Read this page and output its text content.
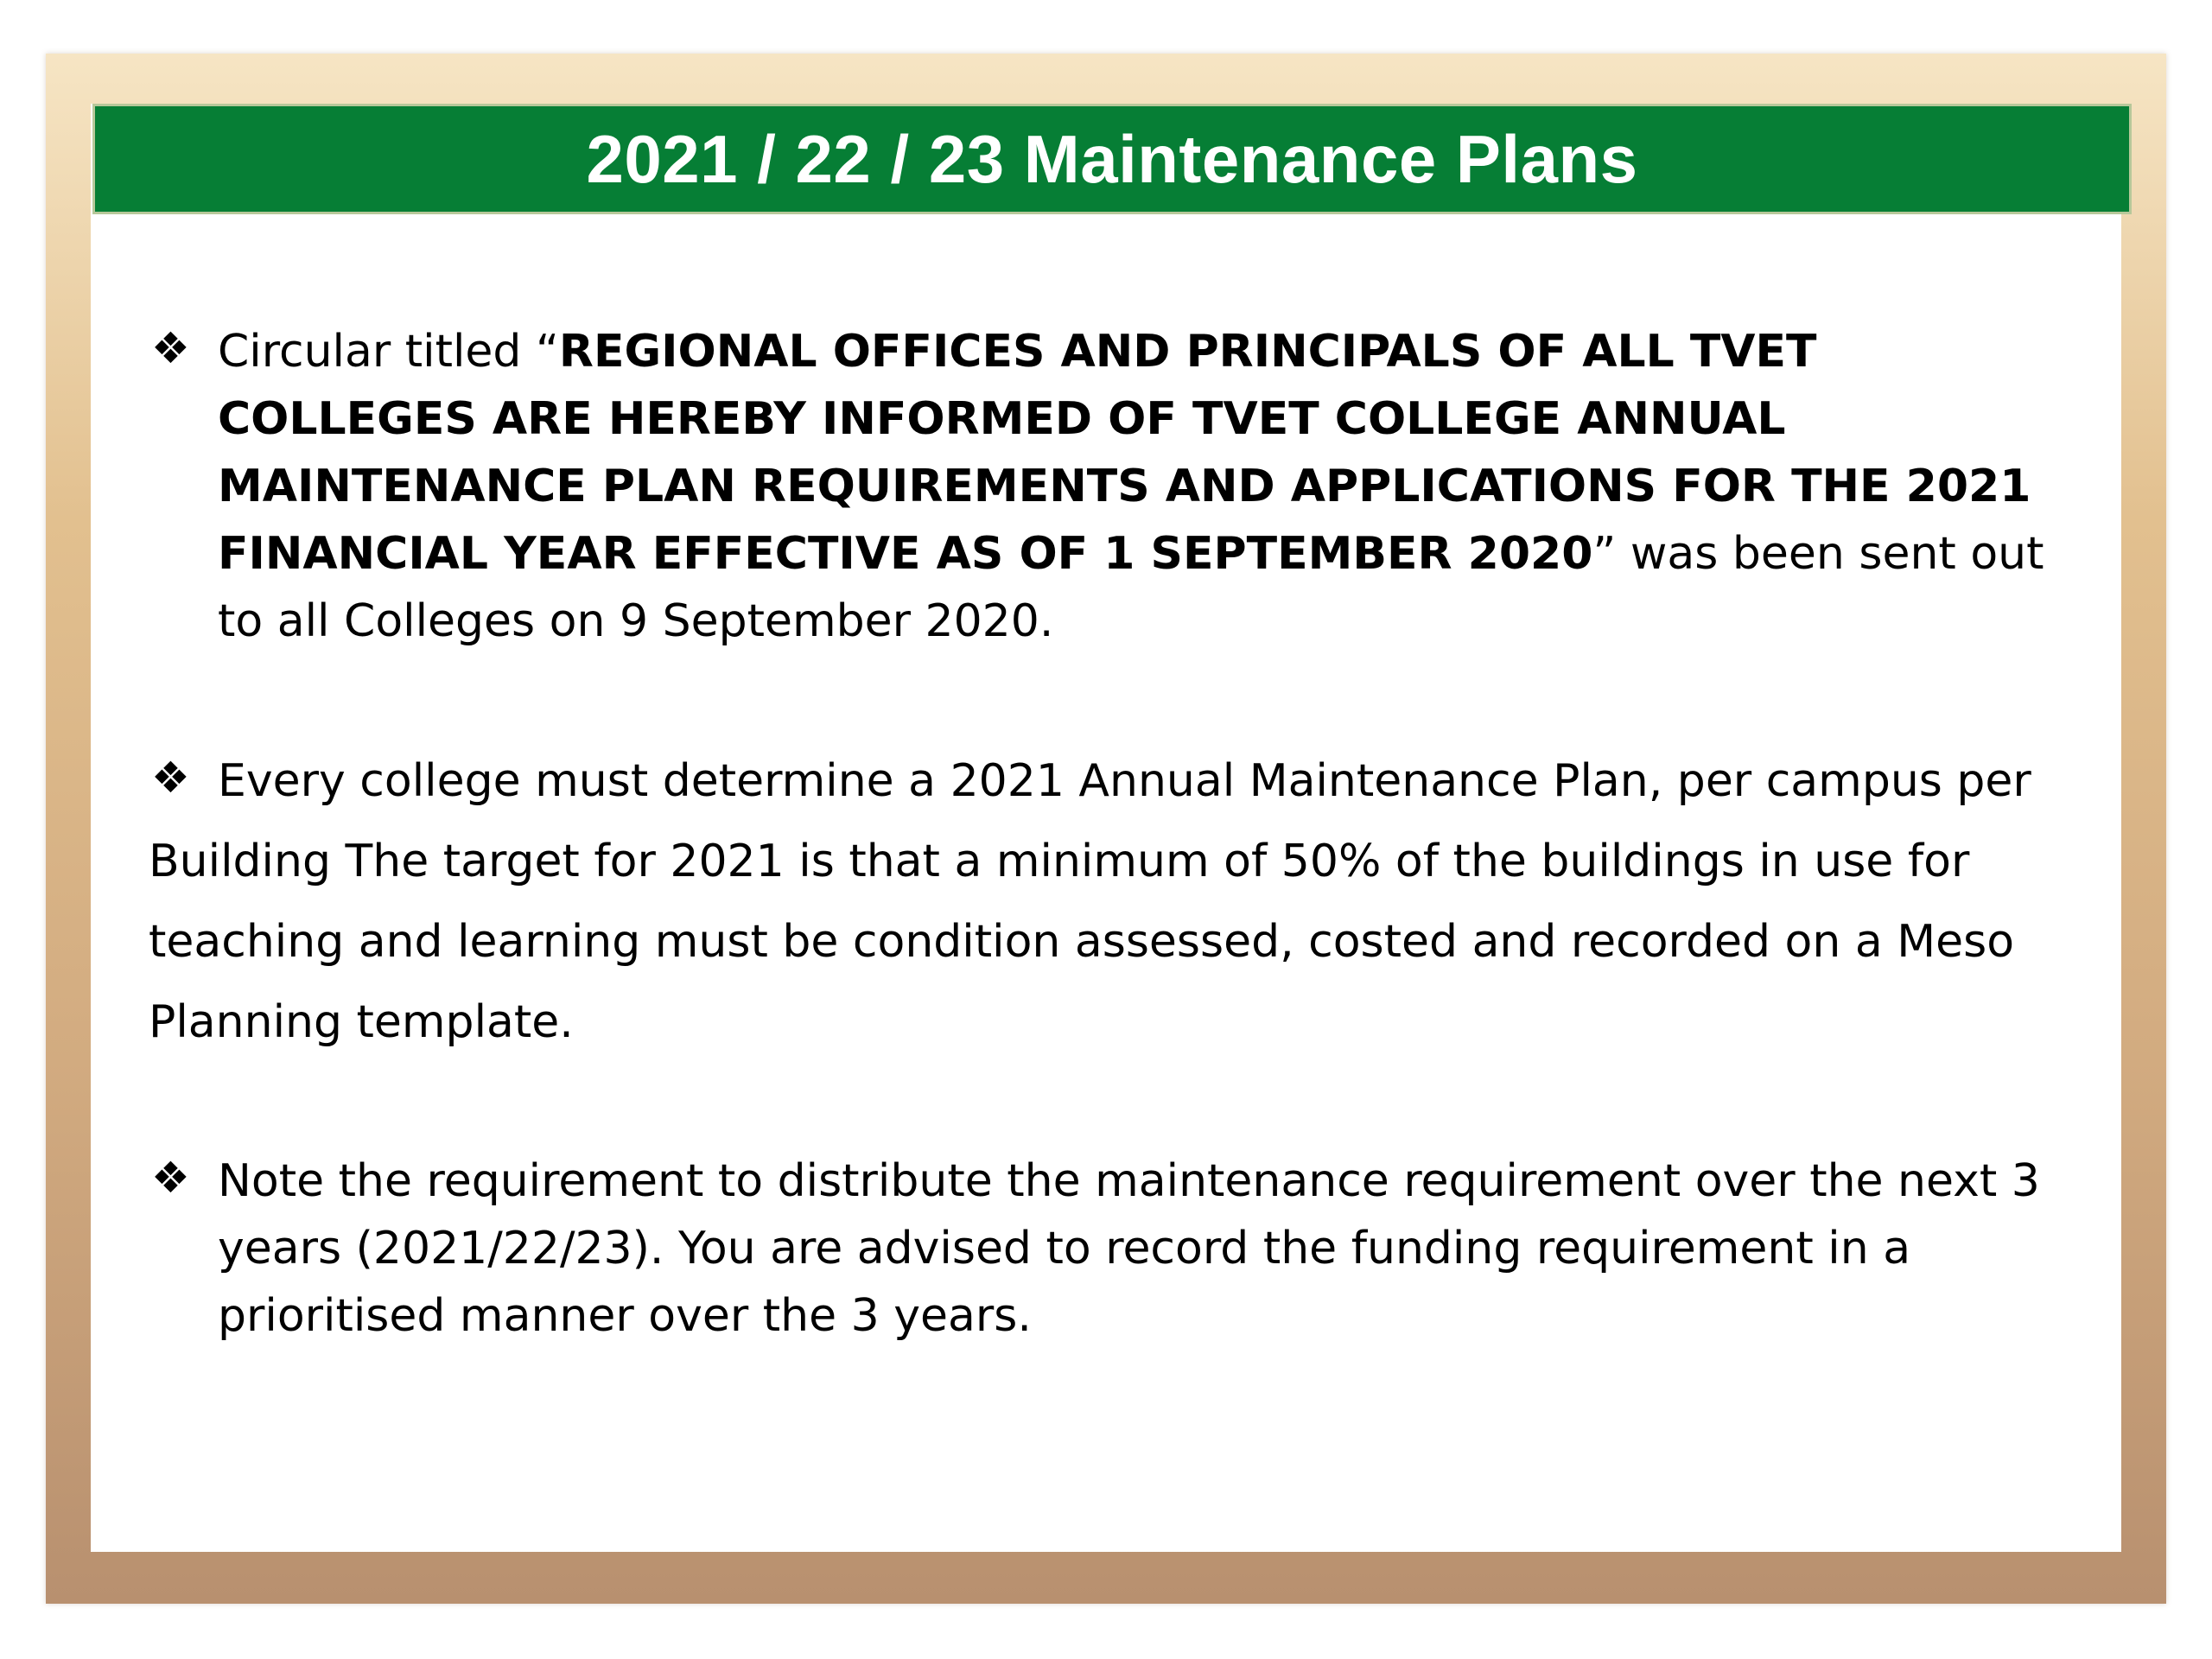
2021 / 22 / 23 Maintenance Plans
❖ Circular titled “REGIONAL OFFICES AND PRINCIPALS OF ALL TVET COLLEGES ARE HEREBY INFORMED OF TVET COLLEGE ANNUAL MAINTENANCE PLAN REQUIREMENTS AND APPLICATIONS FOR THE 2021 FINANCIAL YEAR EFFECTIVE AS OF 1 SEPTEMBER 2020” was been sent out to all Colleges on 9 September 2020.

❖ Every college must determine a 2021 Annual Maintenance Plan, per campus per Building The target for 2021 is that a minimum of 50% of the buildings in use for teaching and learning must be condition assessed, costed and recorded on a Meso Planning template.

❖ Note the requirement to distribute the maintenance requirement over the next 3 years (2021/22/23). You are advised to record the funding requirement in a prioritised manner over the 3 years.
